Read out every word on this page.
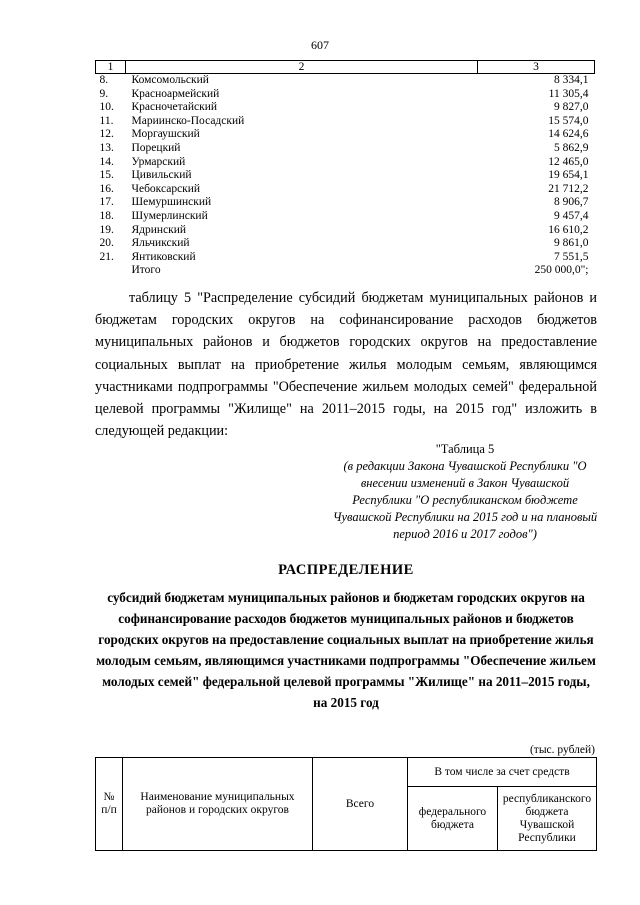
607
1	2	3
8.	Комсомольский	8 334,1
9.	Красноармейский	11 305,4
10.	Красночетайский	9 827,0
11.	Мариинско-Посадский	15 574,0
12.	Моргаушский	14 624,6
13.	Порецкий	5 862,9
14.	Урмарский	12 465,0
15.	Цивильский	19 654,1
16.	Чебоксарский	21 712,2
17.	Шемуршинский	8 906,7
18.	Шумерлинский	9 457,4
19.	Ядринский	16 610,2
20.	Яльчикский	9 861,0
21.	Янтиковский	7 551,5
	Итого	250 000,0";
таблицу 5 "Распределение субсидий бюджетам муниципальных районов и бюджетам городских округов на софинансирование расходов бюджетов муниципальных районов и бюджетов городских округов на предоставление социальных выплат на приобретение жилья молодым семьям, являющимся участниками подпрограммы "Обеспечение жильем молодых семей" федеральной целевой программы "Жилище" на 2011–2015 годы, на 2015 год" изложить в следующей редакции:
"Таблица 5
(в редакции Закона Чувашской Республики "О внесении изменений в Закон Чувашской Республики "О республиканском бюджете Чувашской Республики на 2015 год и на плановый период 2016 и 2017 годов")
РАСПРЕДЕЛЕНИЕ
субсидий бюджетам муниципальных районов и бюджетам городских округов на софинансирование расходов бюджетов муниципальных районов и бюджетов городских округов на предоставление социальных выплат на приобретение жилья молодым семьям, являющимся участниками подпрограммы "Обеспечение жильем молодых семей" федеральной целевой программы "Жилище" на 2011–2015 годы, на 2015 год
(тыс. рублей)
№ п/п	Наименование муниципальных районов и городских округов	Всего	В том числе за счет средств	
			федерального бюджета	республиканского бюджета Чувашской Республики
